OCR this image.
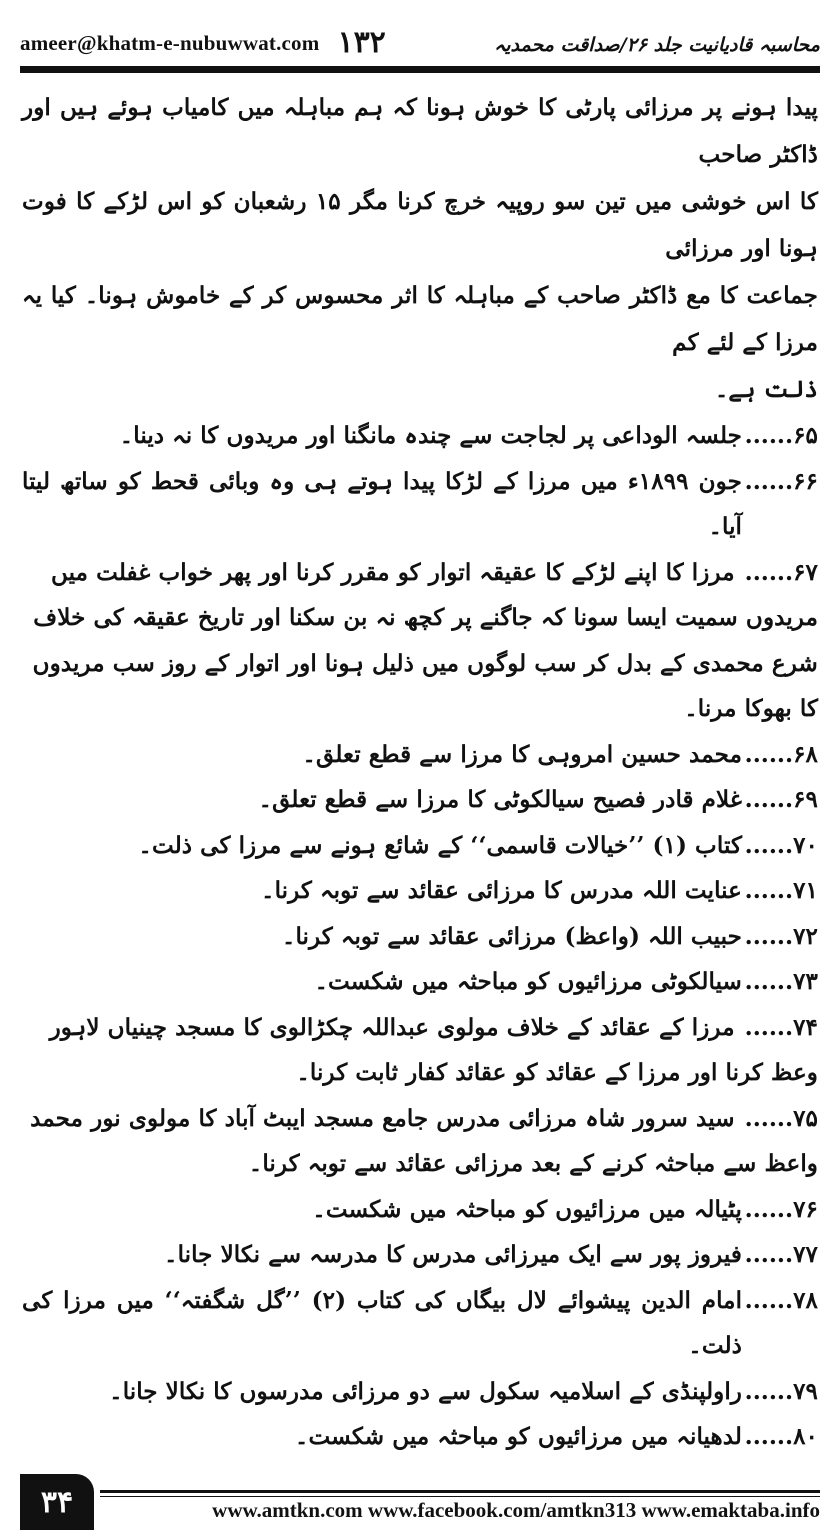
ameer@khatm-e-nubuwwat.com ۱۳۲	محاسبہ قادیانیت جلد ۲۶/صداقت محمدیہ
پیدا ہونے پر مرزائی پارٹی کا خوش ہونا کہ ہم مباہلہ میں کامیاب ہوئے ہیں اور ڈاکٹر صاحب
کا اس خوشی میں تین سو روپیہ خرچ کرنا مگر ۱۵ رشعبان کو اس لڑکے کا فوت ہونا اور مرزائی
جماعت کا مع ڈاکٹر صاحب کے مباہلہ کا اثر محسوس کر کے خاموش ہونا۔ کیا یہ مرزا کے لئے کم
ذلت ہے۔
۶۵......
جلسہ الوداعی پر لجاجت سے چندہ مانگنا اور مریدوں کا نہ دینا۔
۶۶......
جون ۱۸۹۹ء میں مرزا کے لڑکا پیدا ہوتے ہی وہ وبائی قحط کو ساتھ لیتا آیا۔
۶۷......مرزا کا اپنے لڑکے کا عقیقہ اتوار کو مقرر کرنا اور پھر خواب غفلت میں مریدوں سمیت ایسا سونا کہ جاگنے پر کچھ نہ بن سکنا اور تاریخ عقیقہ کی خلاف شرع محمدی کے بدل کر سب لوگوں میں ذلیل ہونا اور اتوار کے روز سب مریدوں کا بھوکا مرنا۔
۶۸......
محمد حسین امروہی کا مرزا سے قطع تعلق۔
۶۹......
غلام قادر فصیح سیالکوٹی کا مرزا سے قطع تعلق۔
۷۰......
کتاب (۱) ’’خیالات قاسمی‘‘ کے شائع ہونے سے مرزا کی ذلت۔
۷۱......
عنایت اللہ مدرس کا مرزائی عقائد سے توبہ کرنا۔
۷۲......
حبیب اللہ (واعظ) مرزائی عقائد سے توبہ کرنا۔
۷۳......
سیالکوٹی مرزائیوں کو مباحثہ میں شکست۔
۷۴......مرزا کے عقائد کے خلاف مولوی عبداللہ چکڑالوی کا مسجد چینیاں لاہور وعظ کرنا اور مرزا کے عقائد کو عقائد کفار ثابت کرنا۔
۷۵......سید سرور شاہ مرزائی مدرس جامع مسجد ایبٹ آباد کا مولوی نور محمد واعظ سے مباحثہ کرنے کے بعد مرزائی عقائد سے توبہ کرنا۔
۷۶......
پٹیالہ میں مرزائیوں کو مباحثہ میں شکست۔
۷۷......
فیروز پور سے ایک میرزائی مدرس کا مدرسہ سے نکالا جانا۔
۷۸......
امام الدین پیشوائے لال بیگاں کی کتاب (۲) ’’گل شگفتہ‘‘ میں مرزا کی ذلت۔
۷۹......
راولپنڈی کے اسلامیہ سکول سے دو مرزائی مدرسوں کا نکالا جانا۔
۸۰......
لدھیانہ میں مرزائیوں کو مباحثہ میں شکست۔
۳۴	www.amtkn.com www.facebook.com/amtkn313 www.emaktaba.info
